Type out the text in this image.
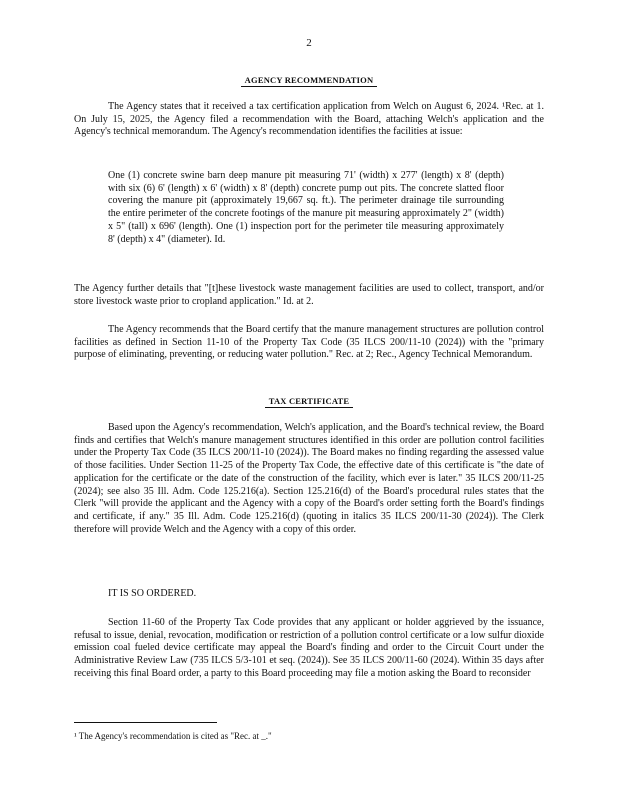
2
AGENCY RECOMMENDATION

The Agency states that it received a tax certification application from Welch on August 6, 2024. ¹Rec. at 1. On July 15, 2025, the Agency filed a recommendation with the Board, attaching Welch's application and the Agency's technical memorandum. The Agency's recommendation identifies the facilities at issue:

One (1) concrete swine barn deep manure pit measuring 71' (width) x 277' (length) x 8' (depth) with six (6) 6' (length) x 6' (width) x 8' (depth) concrete pump out pits. The concrete slatted floor covering the manure pit (approximately 19,667 sq. ft.). The perimeter drainage tile surrounding the entire perimeter of the concrete footings of the manure pit measuring approximately 2" (width) x 5" (tall) x 696' (length). One (1) inspection port for the perimeter tile measuring approximately 8' (depth) x 4" (diameter). Id.

The Agency further details that "[t]hese livestock waste management facilities are used to collect, transport, and/or store livestock waste prior to cropland application." Id. at 2.

The Agency recommends that the Board certify that the manure management structures are pollution control facilities as defined in Section 11-10 of the Property Tax Code (35 ILCS 200/11-10 (2024)) with the "primary purpose of eliminating, preventing, or reducing water pollution." Rec. at 2; Rec., Agency Technical Memorandum.

TAX CERTIFICATE

Based upon the Agency's recommendation, Welch's application, and the Board's technical review, the Board finds and certifies that Welch's manure management structures identified in this order are pollution control facilities under the Property Tax Code (35 ILCS 200/11-10 (2024)). The Board makes no finding regarding the assessed value of those facilities. Under Section 11-25 of the Property Tax Code, the effective date of this certificate is "the date of application for the certificate or the date of the construction of the facility, which ever is later." 35 ILCS 200/11-25 (2024); see also 35 Ill. Adm. Code 125.216(a). Section 125.216(d) of the Board's procedural rules states that the Clerk "will provide the applicant and the Agency with a copy of the Board's order setting forth the Board's findings and certificate, if any." 35 Ill. Adm. Code 125.216(d) (quoting in italics 35 ILCS 200/11-30 (2024)). The Clerk therefore will provide Welch and the Agency with a copy of this order.

IT IS SO ORDERED.

Section 11-60 of the Property Tax Code provides that any applicant or holder aggrieved by the issuance, refusal to issue, denial, revocation, modification or restriction of a pollution control certificate or a low sulfur dioxide emission coal fueled device certificate may appeal the Board's finding and order to the Circuit Court under the Administrative Review Law (735 ILCS 5/3-101 et seq. (2024)). See 35 ILCS 200/11-60 (2024). Within 35 days after receiving this final Board order, a party to this Board proceeding may file a motion asking the Board to reconsider

¹ The Agency's recommendation is cited as "Rec. at _."
